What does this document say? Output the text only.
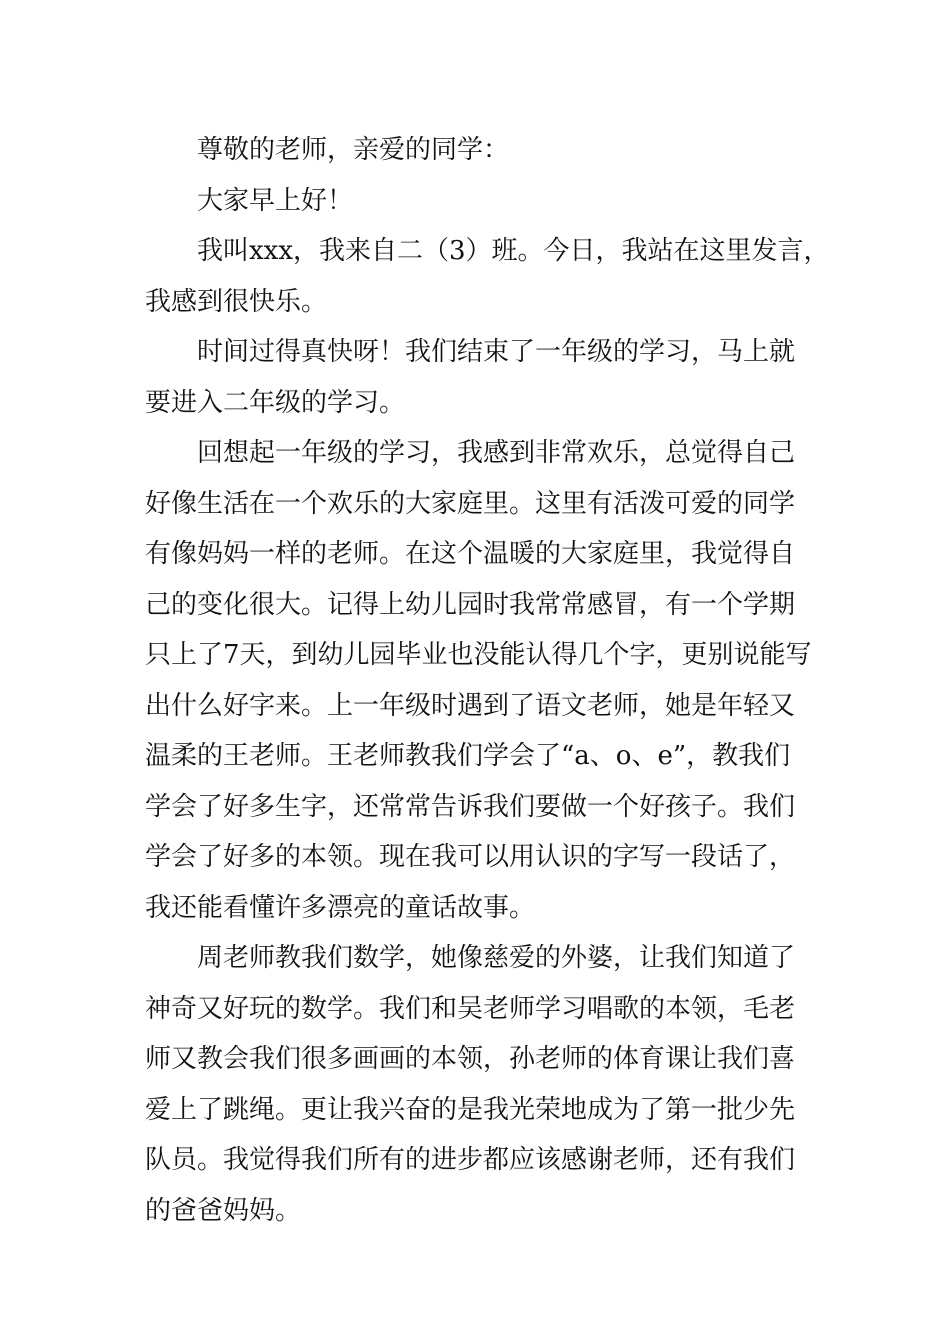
尊敬的老师，亲爱的同学：

大家早上好！

我叫xxx，我来自二（3）班。今日，我站在这里发言，
我感到很快乐。

时间过得真快呀！我们结束了一年级的学习，马上就
要进入二年级的学习。

回想起一年级的学习，我感到非常欢乐，总觉得自己
好像生活在一个欢乐的大家庭里。这里有活泼可爱的同学
有像妈妈一样的老师。在这个温暖的大家庭里，我觉得自
己的变化很大。记得上幼儿园时我常常感冒，有一个学期
只上了7天，到幼儿园毕业也没能认得几个字，更别说能写
出什么好字来。上一年级时遇到了语文老师，她是年轻又
温柔的王老师。王老师教我们学会了“a、o、e”，教我们
学会了好多生字，还常常告诉我们要做一个好孩子。我们
学会了好多的本领。现在我可以用认识的字写一段话了，
我还能看懂许多漂亮的童话故事。

周老师教我们数学，她像慈爱的外婆，让我们知道了
神奇又好玩的数学。我们和吴老师学习唱歌的本领，毛老
师又教会我们很多画画的本领，孙老师的体育课让我们喜
爱上了跳绳。更让我兴奋的是我光荣地成为了第一批少先
队员。我觉得我们所有的进步都应该感谢老师，还有我们
的爸爸妈妈。
